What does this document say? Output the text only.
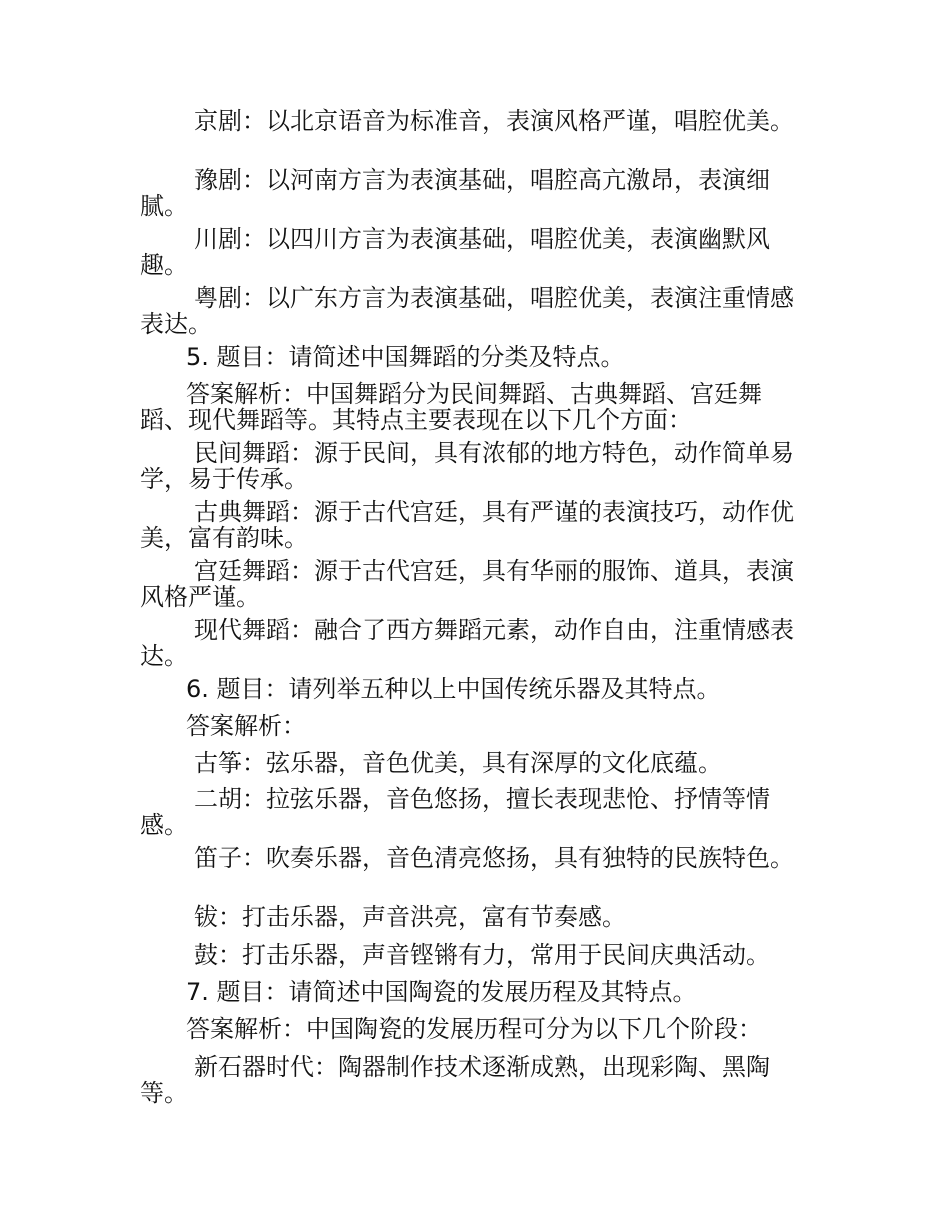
京剧：以北京语音为标准音，表演风格严谨，唱腔优美。

豫剧：以河南方言为表演基础，唱腔高亢激昂，表演细腻。

川剧：以四川方言为表演基础，唱腔优美，表演幽默风趣。

粤剧：以广东方言为表演基础，唱腔优美，表演注重情感表达。

5. 题目：请简述中国舞蹈的分类及特点。

答案解析：中国舞蹈分为民间舞蹈、古典舞蹈、宫廷舞蹈、现代舞蹈等。其特点主要表现在以下几个方面：

民间舞蹈：源于民间，具有浓郁的地方特色，动作简单易学，易于传承。

古典舞蹈：源于古代宫廷，具有严谨的表演技巧，动作优美，富有韵味。

宫廷舞蹈：源于古代宫廷，具有华丽的服饰、道具，表演风格严谨。

现代舞蹈：融合了西方舞蹈元素，动作自由，注重情感表达。

6. 题目：请列举五种以上中国传统乐器及其特点。

答案解析：

古筝：弦乐器，音色优美，具有深厚的文化底蕴。

二胡：拉弦乐器，音色悠扬，擅长表现悲怆、抒情等情感。

笛子：吹奏乐器，音色清亮悠扬，具有独特的民族特色。

钹：打击乐器，声音洪亮，富有节奏感。

鼓：打击乐器，声音铿锵有力，常用于民间庆典活动。

7. 题目：请简述中国陶瓷的发展历程及其特点。

答案解析：中国陶瓷的发展历程可分为以下几个阶段：

新石器时代：陶器制作技术逐渐成熟，出现彩陶、黑陶等。
